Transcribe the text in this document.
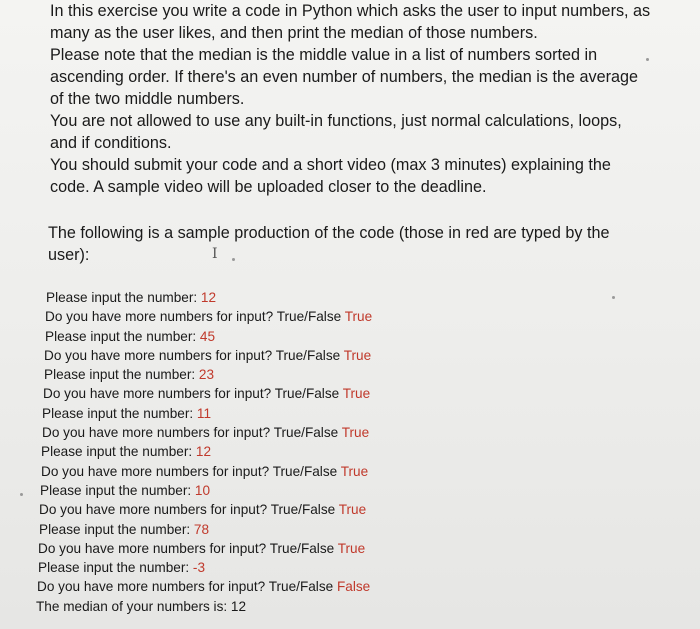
In this exercise you write a code in Python which asks the user to input numbers, as
many as the user likes, and then print the median of those numbers.

Please note that the median is the middle value in a list of numbers sorted in
ascending order. If there's an even number of numbers, the median is the average
of the two middle numbers.

You are not allowed to use any built-in functions, just normal calculations, loops,
and if conditions.

You should submit your code and a short video (max 3 minutes) explaining the
code. A sample video will be uploaded closer to the deadline.

The following is a sample production of the code (those in red are typed by the
user):	I
Please input the number: 12
Do you have more numbers for input? True/False True
Please input the number: 45
Do you have more numbers for input? True/False True
Please input the number: 23
Do you have more numbers for input? True/False True
Please input the number: 11
Do you have more numbers for input? True/False True
Please input the number: 12
Do you have more numbers for input? True/False True
Please input the number: 10
Do you have more numbers for input? True/False True
Please input the number: 78
Do you have more numbers for input? True/False True
Please input the number: -3
Do you have more numbers for input? True/False False
The median of your numbers is: 12
